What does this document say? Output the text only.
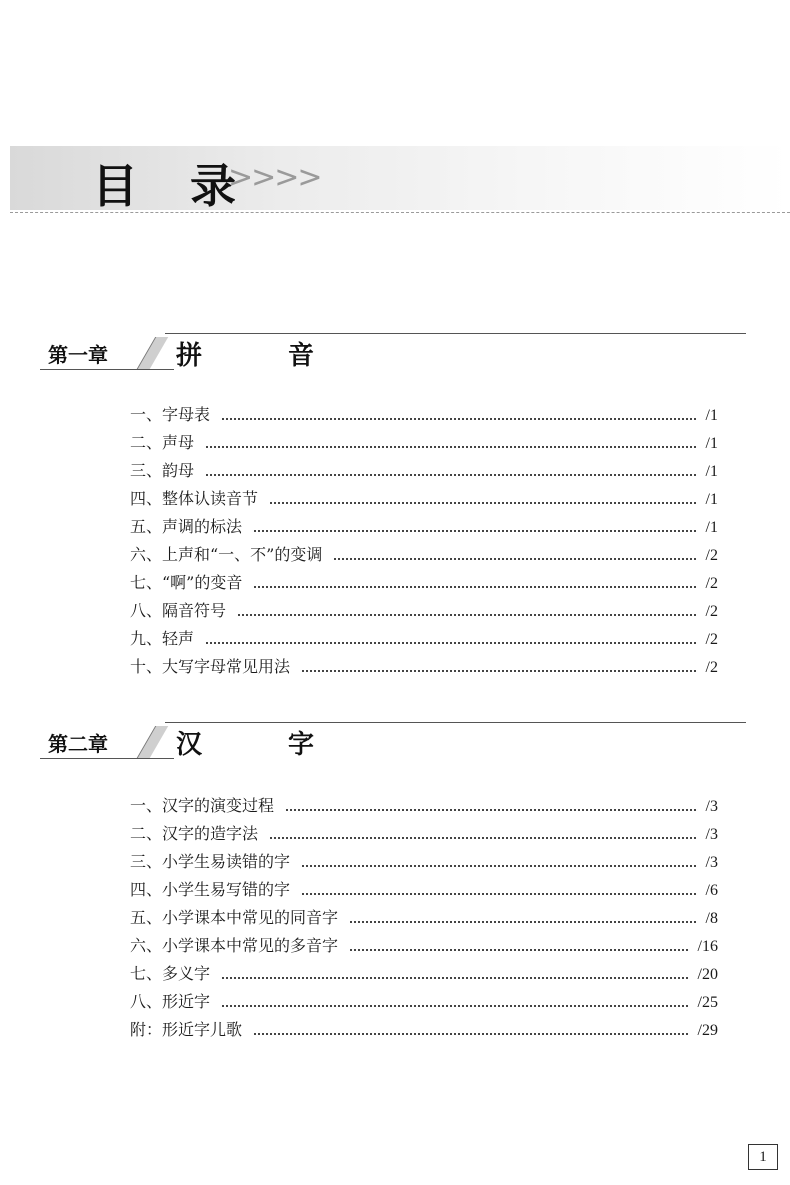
目 录
>>>>
第一章	拼	音
一、字母表	/1
二、声母	/1
三、韵母	/1
四、整体认读音节	/1
五、声调的标法	/1
六、上声和“一、不”的变调	/2
七、“啊”的变音	/2
八、隔音符号	/2
九、轻声	/2
十、大写字母常见用法	/2
第二章	汉	字
一、汉字的演变过程	/3
二、汉字的造字法	/3
三、小学生易读错的字	/3
四、小学生易写错的字	/6
五、小学课本中常见的同音字	/8
六、小学课本中常见的多音字	/16
七、多义字	/20
八、形近字	/25
附：形近字儿歌	/29
1
